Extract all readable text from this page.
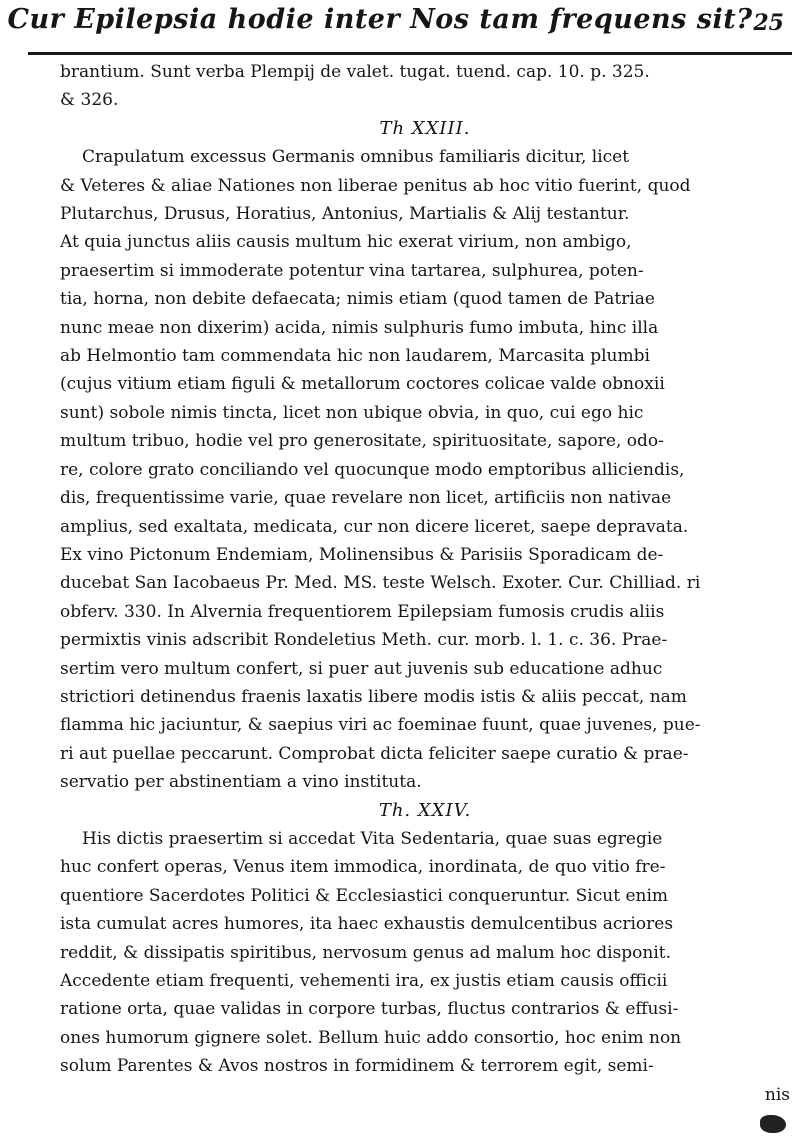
Cur Epilepsia hodie inter Nos tam frequens sit? 25
brantium. Sunt verba Plempij de valet. tugat. tuend. cap. 10. p. 325.
& 326.
Th XXIII.
Crapulatum excessus Germanis omnibus familiaris dicitur, licet
& Veteres & aliae Nationes non liberae penitus ab hoc vitio fuerint, quod
Plutarchus, Drusus, Horatius, Antonius, Martialis & Alij testantur.
At quia junctus aliis causis multum hic exerat virium, non ambigo,
praesertim si immoderate potentur vina tartarea, sulphurea, poten-
tia, horna, non debite defaecata; nimis etiam (quod tamen de Patriae
nunc meae non dixerim) acida, nimis sulphuris fumo imbuta, hinc illa
ab Helmontio tam commendata hic non laudarem, Marcasita plumbi
(cujus vitium etiam figuli & metallorum coctores colicae valde obnoxii
sunt) sobole nimis tincta, licet non ubique obvia, in quo, cui ego hic
multum tribuo, hodie vel pro generositate, spirituositate, sapore, odo-
re, colore grato conciliando vel quocunque modo emptoribus alliciendis,
dis, frequentissime varie, quae revelare non licet, artificiis non nativae
amplius, sed exaltata, medicata, cur non dicere liceret, saepe depravata.
Ex vino Pictonum Endemiam, Molinensibus & Parisiis Sporadicam de-
ducebat San Iacobaeus Pr. Med. MS. teste Welsch. Exoter. Cur. Chilliad. ri
obferv. 330. In Alvernia frequentiorem Epilepsiam fumosis crudis aliis
permixtis vinis adscribit Rondeletius Meth. cur. morb. l. 1. c. 36. Prae-
sertim vero multum confert, si puer aut juvenis sub educatione adhuc
strictiori detinendus fraenis laxatis libere modis istis & aliis peccat, nam
flamma hic jaciuntur, & saepius viri ac foeminae fuunt, quae juvenes, pue-
ri aut puellae peccarunt. Comprobat dicta feliciter saepe curatio & prae-
servatio per abstinentiam a vino instituta.
Th. XXIV.
His dictis praesertim si accedat Vita Sedentaria, quae suas egregie
huc confert operas, Venus item immodica, inordinata, de quo vitio fre-
quentiore Sacerdotes Politici & Ecclesiastici conqueruntur. Sicut enim
ista cumulat acres humores, ita haec exhaustis demulcentibus acriores
reddit, & dissipatis spiritibus, nervosum genus ad malum hoc disponit.
Accedente etiam frequenti, vehementi ira, ex justis etiam causis officii
ratione orta, quae validas in corpore turbas, fluctus contrarios & effusi-
ones humorum gignere solet. Bellum huic addo consortio, hoc enim non
solum Parentes & Avos nostros in formidinem & terrorem egit, semi-
nis
